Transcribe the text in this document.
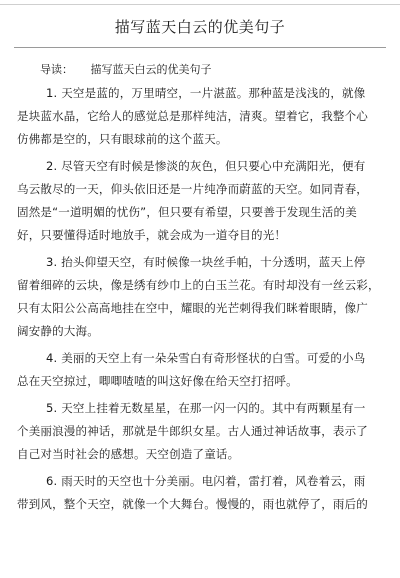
描写蓝天白云的优美句子
导读： 描写蓝天白云的优美句子
1. 天空是蓝的，万里晴空，一片湛蓝。那种蓝是浅浅的，就像
是块蓝水晶，它给人的感觉总是那样纯洁，清爽。望着它，我整个心
仿佛都是空的，只有眼球前的这个蓝天。
2. 尽管天空有时候是惨淡的灰色，但只要心中充满阳光，便有
乌云散尽的一天，仰头依旧还是一片纯净而蔚蓝的天空。如同青春，
固然是“一道明媚的忧伤”，但只要有希望，只要善于发现生活的美
好，只要懂得适时地放手，就会成为一道夺目的光！
3. 抬头仰望天空，有时候像一块丝手帕，十分透明，蓝天上停
留着细碎的云块，像是绣有纱巾上的白玉兰花。有时却没有一丝云彩，
只有太阳公公高高地挂在空中，耀眼的光芒刺得我们眯着眼睛，像广
阔安静的大海。
4. 美丽的天空上有一朵朵雪白有奇形怪状的白雪。可爱的小鸟
总在天空掠过，唧唧喳喳的叫这好像在给天空打招呼。
5. 天空上挂着无数星星，在那一闪一闪的。其中有两颗星有一
个美丽浪漫的神话，那就是牛郎织女星。古人通过神话故事，表示了
自己对当时社会的感想。天空创造了童话。
6. 雨天时的天空也十分美丽。电闪着，雷打着，风卷着云，雨
带到风，整个天空，就像一个大舞台。慢慢的，雨也就停了，雨后的
